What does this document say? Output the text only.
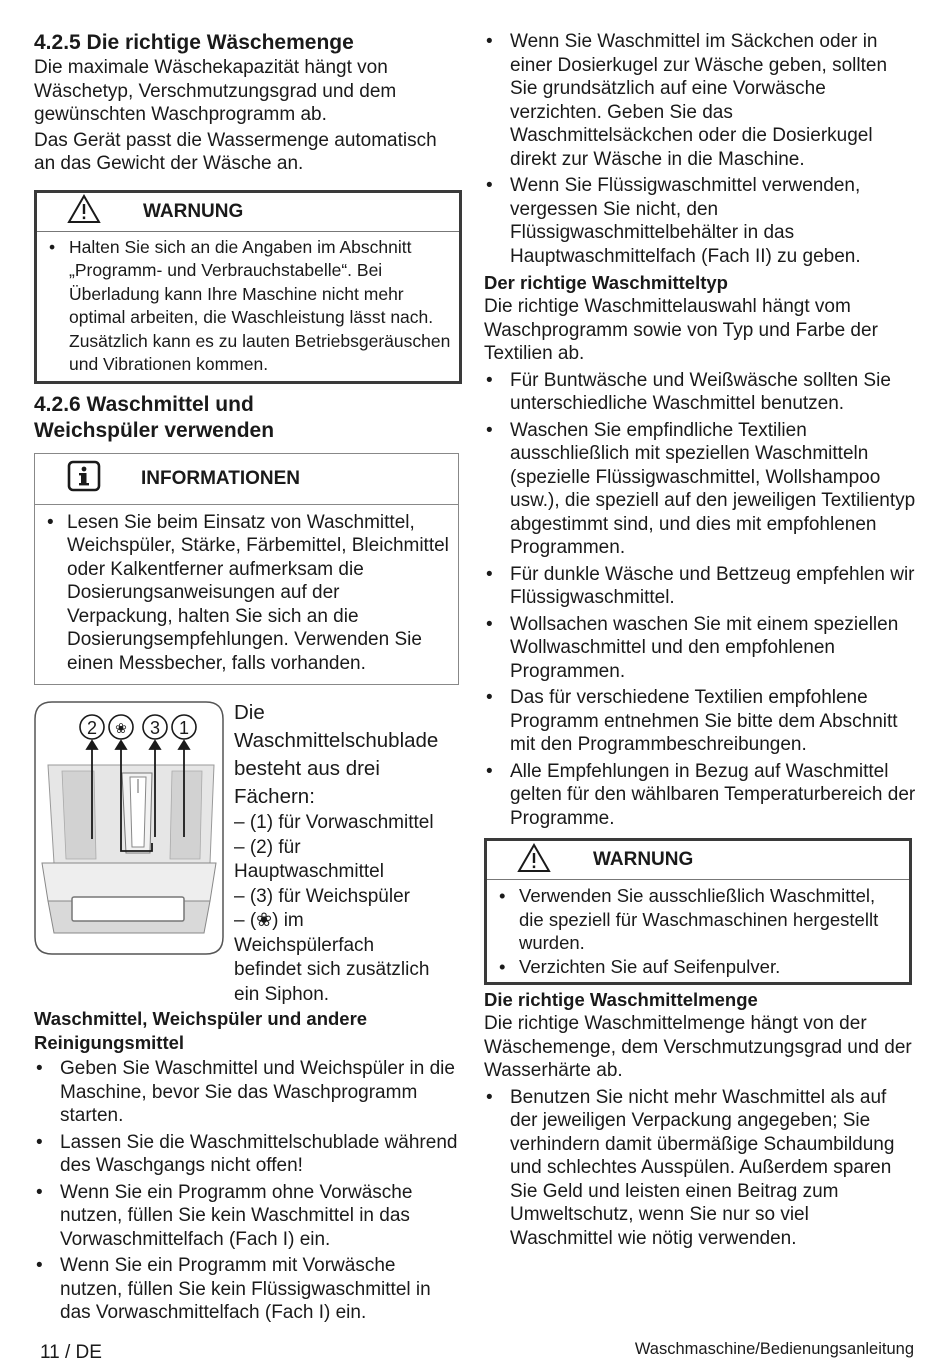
4.2.5 Die richtige Wäschemenge

Die maximale Wäschekapazität hängt von Wäschetyp, Verschmutzungsgrad und dem gewünschten Waschprogramm ab.

Das Gerät passt die Wassermenge automatisch an das Gewicht der Wäsche an.

WARNUNG
• Halten Sie sich an die Angaben im Abschnitt „Programm- und Verbrauchstabelle“. Bei Überladung kann Ihre Maschine nicht mehr optimal arbeiten, die Waschleistung lässt nach. Zusätzlich kann es zu lauten Betriebsgeräuschen und Vibrationen kommen.
4.2.6 Waschmittel und
Weichspüler verwenden
INFORMATIONEN
• Lesen Sie beim Einsatz von Waschmittel, Weichspüler, Stärke, Färbemittel, Bleichmittel oder Kalkentferner aufmerksam die Dosierungsanweisungen auf der Verpackung, halten Sie sich an die Dosierungsempfehlungen. Verwenden Sie einen Messbecher, falls vorhanden.
2	3 1
❀

Die

Waschmittelschublade

besteht aus drei

Fächern:

– (1) für Vorwaschmittel

– (2) für

Hauptwaschmittel

– (3) für Weichspüler

– (❀) im

Weichspülerfach

befindet sich zusätzlich

ein Siphon.

Waschmittel, Weichspüler und andere Reinigungsmittel

• Geben Sie Waschmittel und Weichspüler in die Maschine, bevor Sie das Waschprogramm starten.
• Lassen Sie die Waschmittelschublade während des Waschgangs nicht offen!
• Wenn Sie ein Programm ohne Vorwäsche nutzen, füllen Sie kein Waschmittel in das Vorwaschmittelfach (Fach I) ein.
• Wenn Sie ein Programm mit Vorwäsche nutzen, füllen Sie kein Flüssigwaschmittel in das Vorwaschmittelfach (Fach I) ein.
• Wenn Sie Waschmittel im Säckchen oder in einer Dosierkugel zur Wäsche geben, sollten Sie grundsätzlich auf eine Vorwäsche verzichten. Geben Sie das Waschmittelsäckchen oder die Dosierkugel direkt zur Wäsche in die Maschine.
• Wenn Sie Flüssigwaschmittel verwenden, vergessen Sie nicht, den Flüssigwaschmittelbehälter in das Hauptwaschmittelfach (Fach II) zu geben.

Der richtige Waschmitteltyp

Die richtige Waschmittelauswahl hängt vom Waschprogramm sowie von Typ und Farbe der Textilien ab.

• Für Buntwäsche und Weißwäsche sollten Sie unterschiedliche Waschmittel benutzen.
• Waschen Sie empfindliche Textilien ausschließlich mit speziellen Waschmitteln (spezielle Flüssigwaschmittel, Wollshampoo usw.), die speziell auf den jeweiligen Textilientyp abgestimmt sind, und dies mit empfohlenen Programmen.
• Für dunkle Wäsche und Bettzeug empfehlen wir Flüssigwaschmittel.
• Wollsachen waschen Sie mit einem speziellen Wollwaschmittel und den empfohlenen Programmen.
• Das für verschiedene Textilien empfohlene Programm entnehmen Sie bitte dem Abschnitt mit den Programmbeschreibungen.
• Alle Empfehlungen in Bezug auf Waschmittel gelten für den wählbaren Temperaturbereich der Programme.
WARNUNG
• Verwenden Sie ausschließlich Waschmittel, die speziell für Waschmaschinen hergestellt wurden.
• Verzichten Sie auf Seifenpulver.

Die richtige Waschmittelmenge

Die richtige Waschmittelmenge hängt von der Wäschemenge, dem Verschmutzungsgrad und der Wasserhärte ab.

• Benutzen Sie nicht mehr Waschmittel als auf der jeweiligen Verpackung angegeben; Sie verhindern damit übermäßige Schaumbildung und schlechtes Ausspülen. Außerdem sparen Sie Geld und leisten einen Beitrag zum Umweltschutz, wenn Sie nur so viel Waschmittel wie nötig verwenden.
11 / DE	Waschmaschine/Bedienungsanleitung
